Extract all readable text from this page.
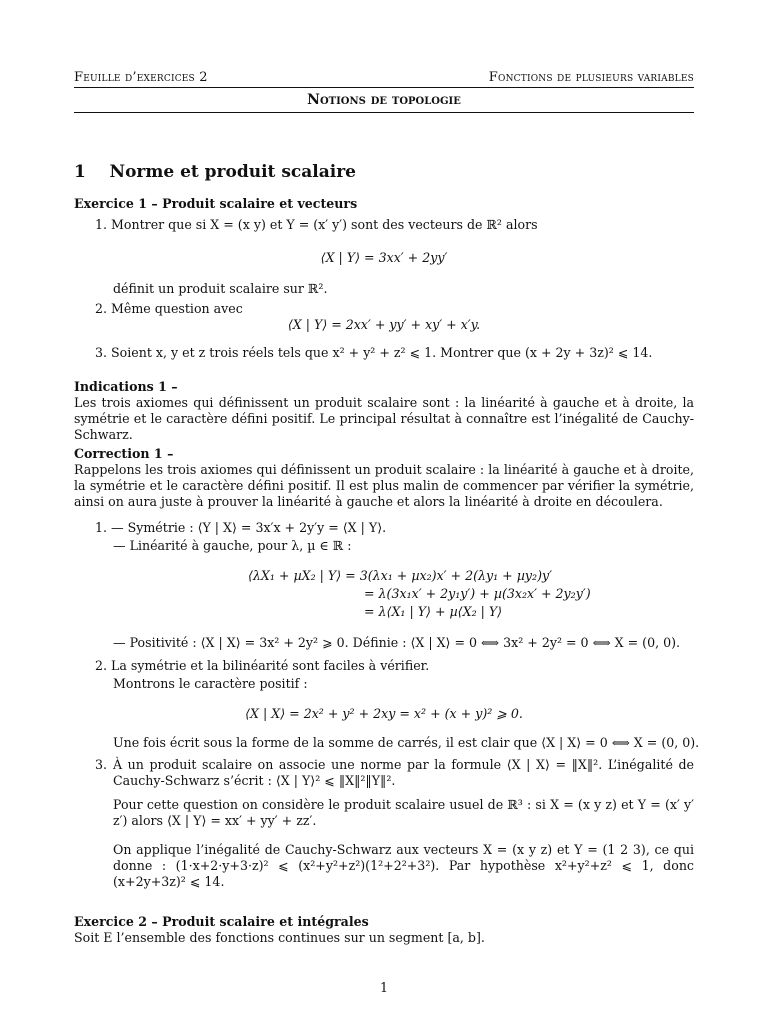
Feuille d’exercices 2	Fonctions de plusieurs variables
Notions de topologie
1 Norme et produit scalaire
Exercice 1 – Produit scalaire et vecteurs
1. Montrer que si X = (x y) et Y = (x′ y′) sont des vecteurs de ℝ² alors
⟨X | Y⟩ = 3xx′ + 2yy′
définit un produit scalaire sur ℝ².
2. Même question avec
⟨X | Y⟩ = 2xx′ + yy′ + xy′ + x′y.
3. Soient x, y et z trois réels tels que x² + y² + z² ⩽ 1. Montrer que (x + 2y + 3z)² ⩽ 14.
Indications 1 –
Les trois axiomes qui définissent un produit scalaire sont : la linéarité à gauche et à droite, la symétrie et le caractère défini positif. Le principal résultat à connaître est l’inégalité de Cauchy-Schwarz.
Correction 1 –
Rappelons les trois axiomes qui définissent un produit scalaire : la linéarité à gauche et à droite, la symétrie et le caractère défini positif. Il est plus malin de commencer par vérifier la symétrie, ainsi on aura juste à prouver la linéarité à gauche et alors la linéarité à droite en découlera.
1. — Symétrie : ⟨Y | X⟩ = 3x′x + 2y′y = ⟨X | Y⟩.
— Linéarité à gauche, pour λ, µ ∈ ℝ :
⟨λX₁ + µX₂ | Y⟩ = 3(λx₁ + µx₂)x′ + 2(λy₁ + µy₂)y′
= λ(3x₁x′ + 2y₁y′) + µ(3x₂x′ + 2y₂y′)
= λ⟨X₁ | Y⟩ + µ⟨X₂ | Y⟩
— Positivité : ⟨X | X⟩ = 3x² + 2y² ⩾ 0. Définie : ⟨X | X⟩ = 0 ⟺ 3x² + 2y² = 0 ⟺ X = (0, 0).
2. La symétrie et la bilinéarité sont faciles à vérifier.
Montrons le caractère positif :
⟨X | X⟩ = 2x² + y² + 2xy = x² + (x + y)² ⩾ 0.
Une fois écrit sous la forme de la somme de carrés, il est clair que ⟨X | X⟩ = 0 ⟺ X = (0, 0).
3. À un produit scalaire on associe une norme par la formule ⟨X | X⟩ = ‖X‖². L’inégalité de Cauchy-Schwarz s’écrit : ⟨X | Y⟩² ⩽ ‖X‖²‖Y‖².
Pour cette question on considère le produit scalaire usuel de ℝ³ : si X = (x y z) et Y = (x′ y′ z′) alors ⟨X | Y⟩ = xx′ + yy′ + zz′.
On applique l’inégalité de Cauchy-Schwarz aux vecteurs X = (x y z) et Y = (1 2 3), ce qui donne : (1·x+2·y+3·z)² ⩽ (x²+y²+z²)(1²+2²+3²). Par hypothèse x²+y²+z² ⩽ 1, donc (x+2y+3z)² ⩽ 14.
Exercice 2 – Produit scalaire et intégrales
Soit E l’ensemble des fonctions continues sur un segment [a, b].
1
